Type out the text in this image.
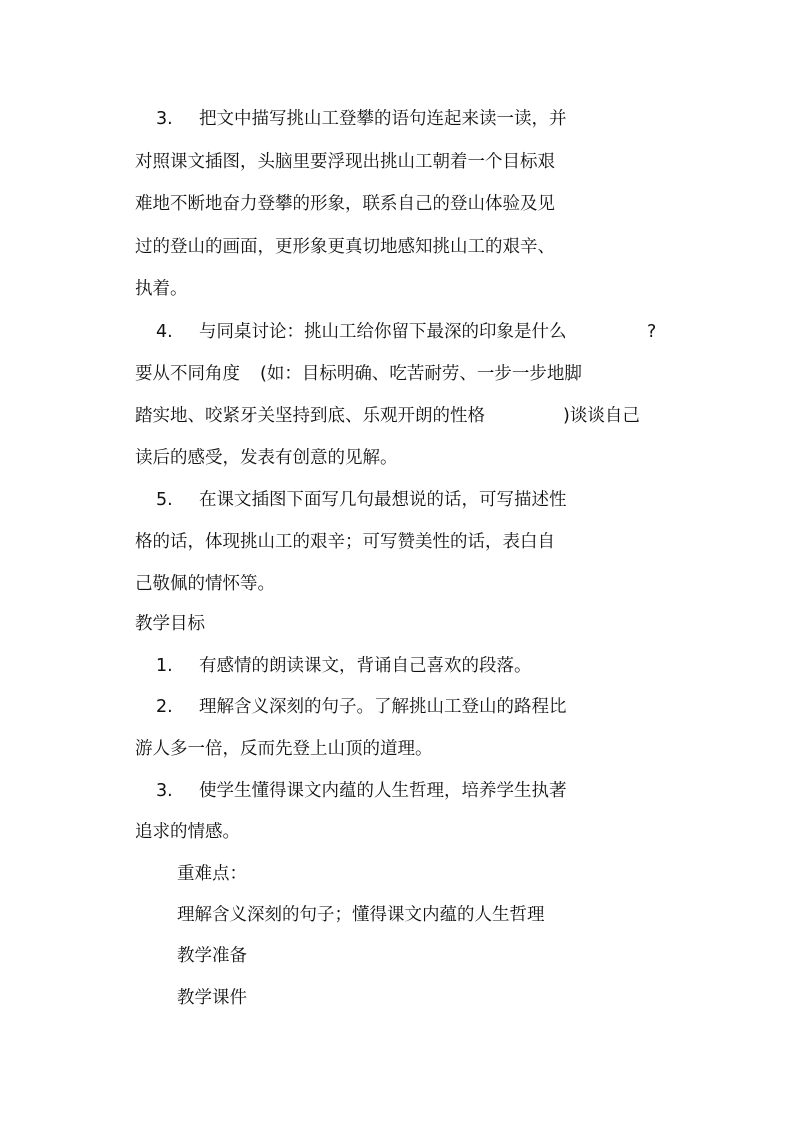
3. 把文中描写挑山工登攀的语句连起来读一读，并
对照课文插图，头脑里要浮现出挑山工朝着一个目标艰
难地不断地奋力登攀的形象，联系自己的登山体验及见
过的登山的画面，更形象更真切地感知挑山工的艰辛、
执着。
4. 与同桌讨论：挑山工给你留下最深的印象是什么	?
要从不同角度 (如：目标明确、吃苦耐劳、一步一步地脚
踏实地、咬紧牙关坚持到底、乐观开朗的性格	)谈谈自己
读后的感受，发表有创意的见解。
5. 在课文插图下面写几句最想说的话，可写描述性
格的话，体现挑山工的艰辛；可写赞美性的话，表白自
己敬佩的情怀等。
教学目标
1. 有感情的朗读课文，背诵自己喜欢的段落。
2. 理解含义深刻的句子。了解挑山工登山的路程比
游人多一倍，反而先登上山顶的道理。
3. 使学生懂得课文内蕴的人生哲理，培养学生执著
追求的情感。
重难点：
理解含义深刻的句子；懂得课文内蕴的人生哲理
教学准备
教学课件
